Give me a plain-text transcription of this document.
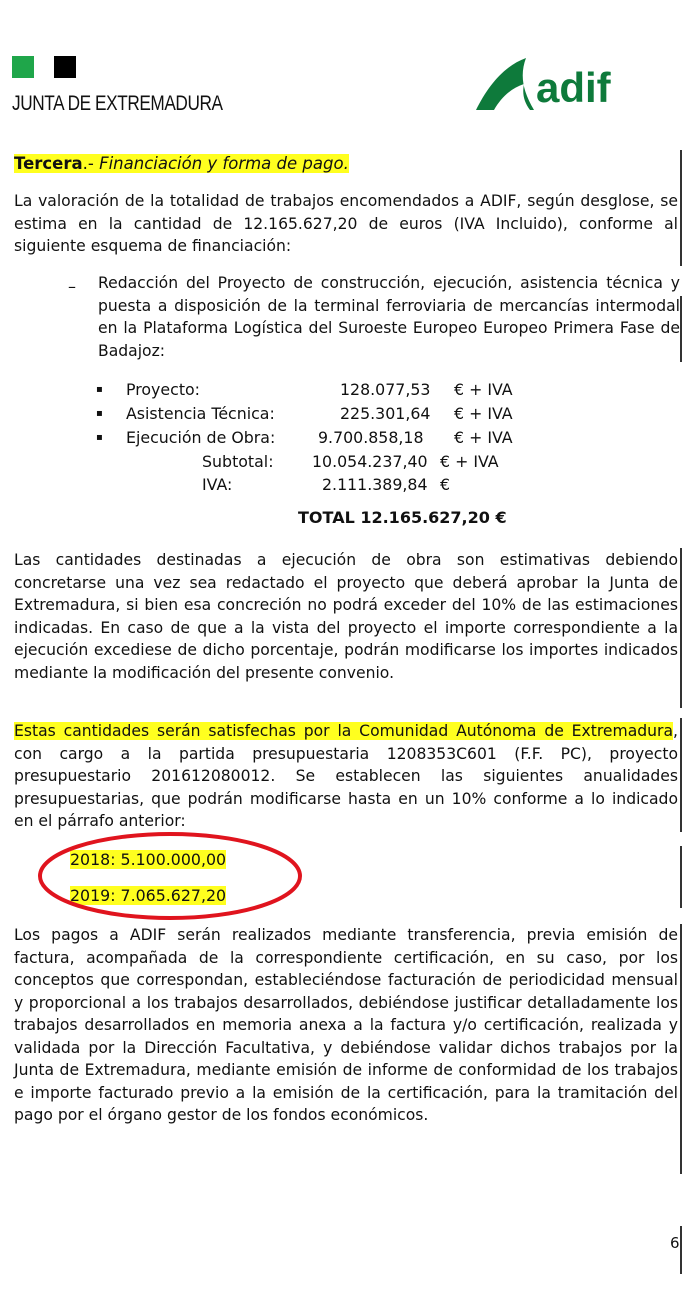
JUNTA DE EXTREMADURA	adif
Tercera.- Financiación y forma de pago.
La valoración de la totalidad de trabajos encomendados a ADIF, según desglose, se estima en la cantidad de 12.165.627,20 de euros (IVA Incluido), conforme al siguiente esquema de financiación:
–	Redacción del Proyecto de construcción, ejecución, asistencia técnica y puesta a disposición de la terminal ferroviaria de mercancías intermodal en la Plataforma Logística del Suroeste Europeo Europeo Primera Fase de Badajoz:
▪ Proyecto:	128.077,53 € + IVA
▪ Asistencia Técnica:	225.301,64 € + IVA
▪ Ejecución de Obra:	9.700.858,18 € + IVA
Subtotal: 10.054.237,40 € + IVA
IVA:	2.111.389,84 €
TOTAL 12.165.627,20 €
Las cantidades destinadas a ejecución de obra son estimativas debiendo concretarse una vez sea redactado el proyecto que deberá aprobar la Junta de Extremadura, si bien esa concreción no podrá exceder del 10% de las estimaciones indicadas. En caso de que a la vista del proyecto el importe correspondiente a la ejecución excediese de dicho porcentaje, podrán modificarse los importes indicados mediante la modificación del presente convenio.
Estas cantidades serán satisfechas por la Comunidad Autónoma de Extremadura, con cargo a la partida presupuestaria 1208353C601 (F.F. PC), proyecto presupuestario 201612080012. Se establecen las siguientes anualidades presupuestarias, que podrán modificarse hasta en un 10% conforme a lo indicado en el párrafo anterior:
2018: 5.100.000,00
2019: 7.065.627,20
Los pagos a ADIF serán realizados mediante transferencia, previa emisión de factura, acompañada de la correspondiente certificación, en su caso, por los conceptos que correspondan, estableciéndose facturación de periodicidad mensual y proporcional a los trabajos desarrollados, debiéndose justificar detalladamente los trabajos desarrollados en memoria anexa a la factura y/o certificación, realizada y validada por la Dirección Facultativa, y debiéndose validar dichos trabajos por la Junta de Extremadura, mediante emisión de informe de conformidad de los trabajos e importe facturado previo a la emisión de la certificación, para la tramitación del pago por el órgano gestor de los fondos económicos.
6
